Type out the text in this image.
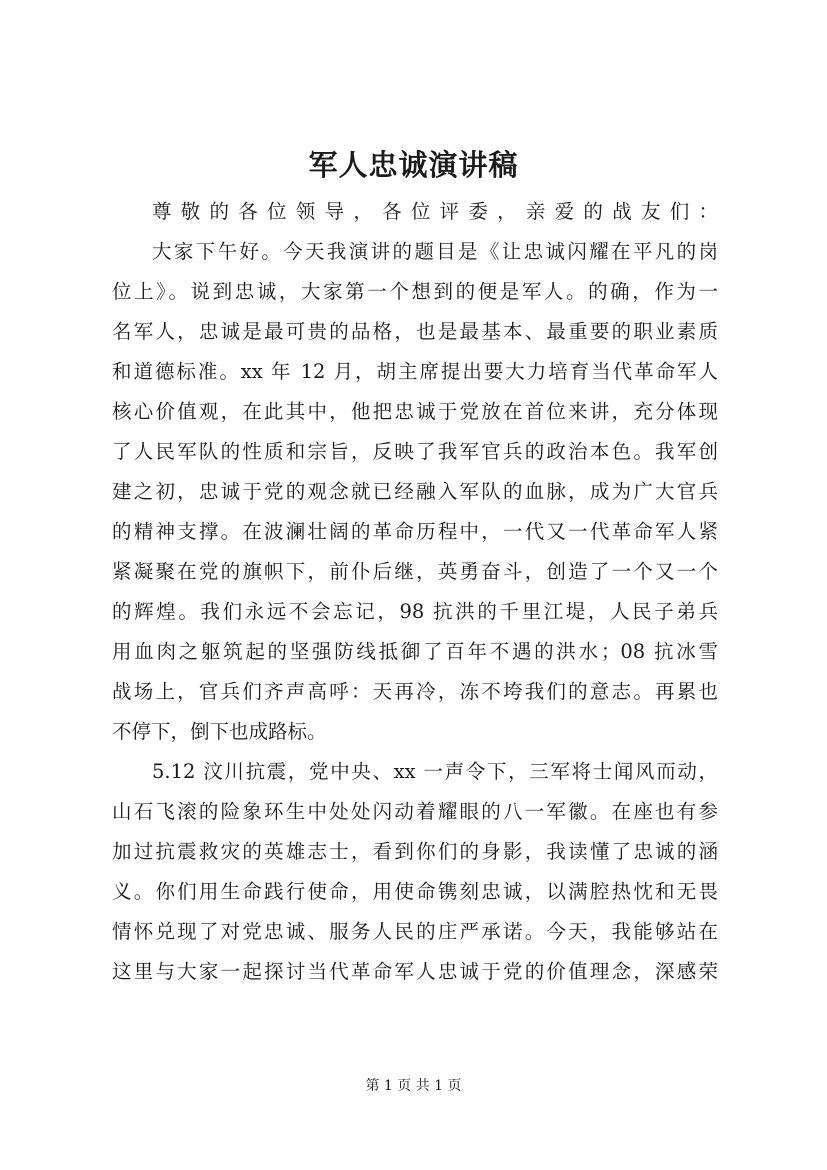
军人忠诚演讲稿
尊敬的各位领导，各位评委，亲爱的战友们：
大家下午好。今天我演讲的题目是《让忠诚闪耀在平凡的岗
位上》。说到忠诚，大家第一个想到的便是军人。的确，作为一
名军人，忠诚是最可贵的品格，也是最基本、最重要的职业素质
和道德标准。xx 年 12 月，胡主席提出要大力培育当代革命军人
核心价值观，在此其中，他把忠诚于党放在首位来讲，充分体现
了人民军队的性质和宗旨，反映了我军官兵的政治本色。我军创
建之初，忠诚于党的观念就已经融入军队的血脉，成为广大官兵
的精神支撑。在波澜壮阔的革命历程中，一代又一代革命军人紧
紧凝聚在党的旗帜下，前仆后继，英勇奋斗，创造了一个又一个
的辉煌。我们永远不会忘记，98 抗洪的千里江堤，人民子弟兵
用血肉之躯筑起的坚强防线抵御了百年不遇的洪水；08 抗冰雪
战场上，官兵们齐声高呼：天再冷，冻不垮我们的意志。再累也
不停下，倒下也成路标。
5.12 汶川抗震，党中央、xx 一声令下，三军将士闻风而动，
山石飞滚的险象环生中处处闪动着耀眼的八一军徽。在座也有参
加过抗震救灾的英雄志士，看到你们的身影，我读懂了忠诚的涵
义。你们用生命践行使命，用使命镌刻忠诚，以满腔热忱和无畏
情怀兑现了对党忠诚、服务人民的庄严承诺。今天，我能够站在
这里与大家一起探讨当代革命军人忠诚于党的价值理念，深感荣
第 1 页 共 1 页
